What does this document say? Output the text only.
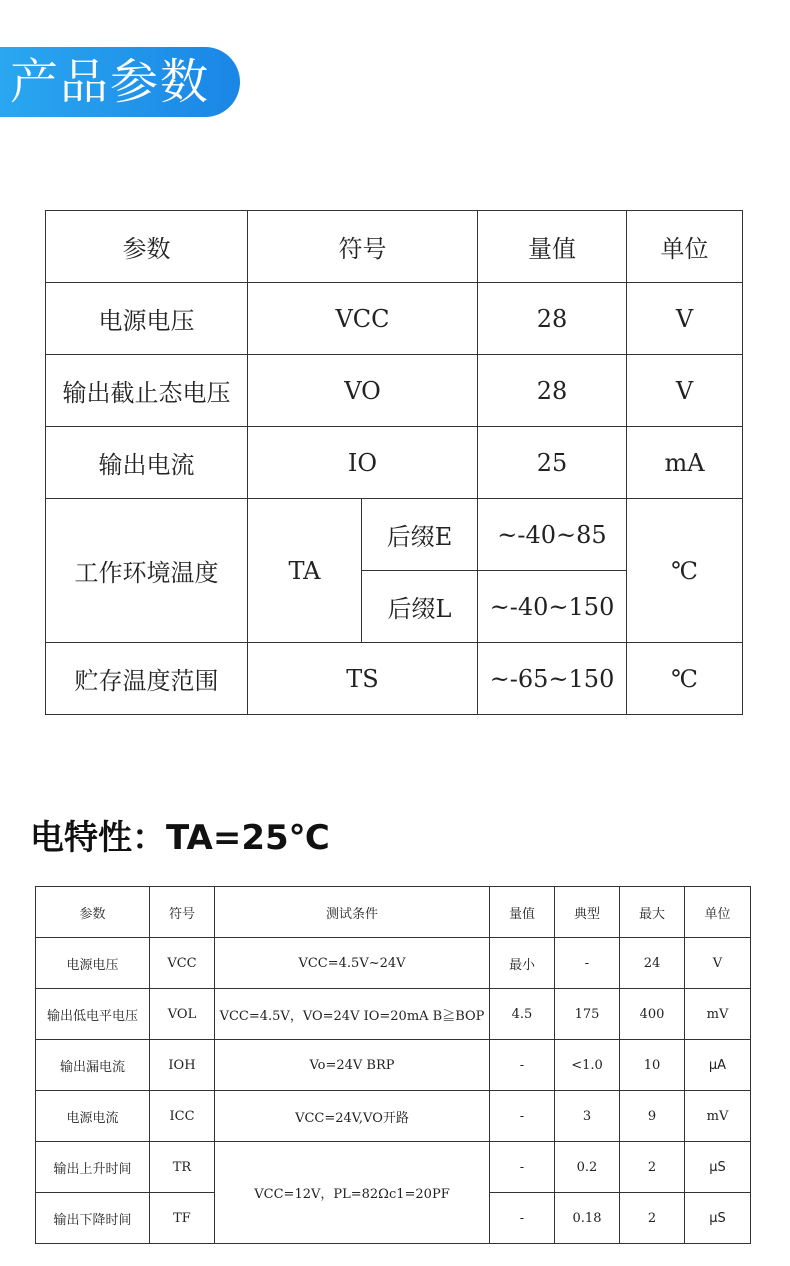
产品参数
参数	符号		量值	单位
电源电压	VCC		28	V
输出截止态电压	VO		28	V
输出电流	IO		25	mA
工作环境温度	TA	后缀E	~-40~85	℃
		后缀L	~-40~150	
贮存温度范围	TS		~-65~150	℃
电特性：TA=25℃
参数	符号	测试条件	量值	典型	最大	单位
电源电压	VCC	VCC=4.5V~24V	最小	-	24	V
输出低电平电压	VOL	VCC=4.5V，VO=24V IO=20mA B≧BOP	4.5	175	400	mV
输出漏电流	IOH	Vo=24V BRP	-	<1.0	10	μA
电源电流	ICC	VCC=24V,VO开路	-	3	9	mV
输出上升时间	TR	VCC=12V，PL=82Ωc1=20PF	-	0.2	2	μS
输出下降时间	TF		-	0.18	2	μS
